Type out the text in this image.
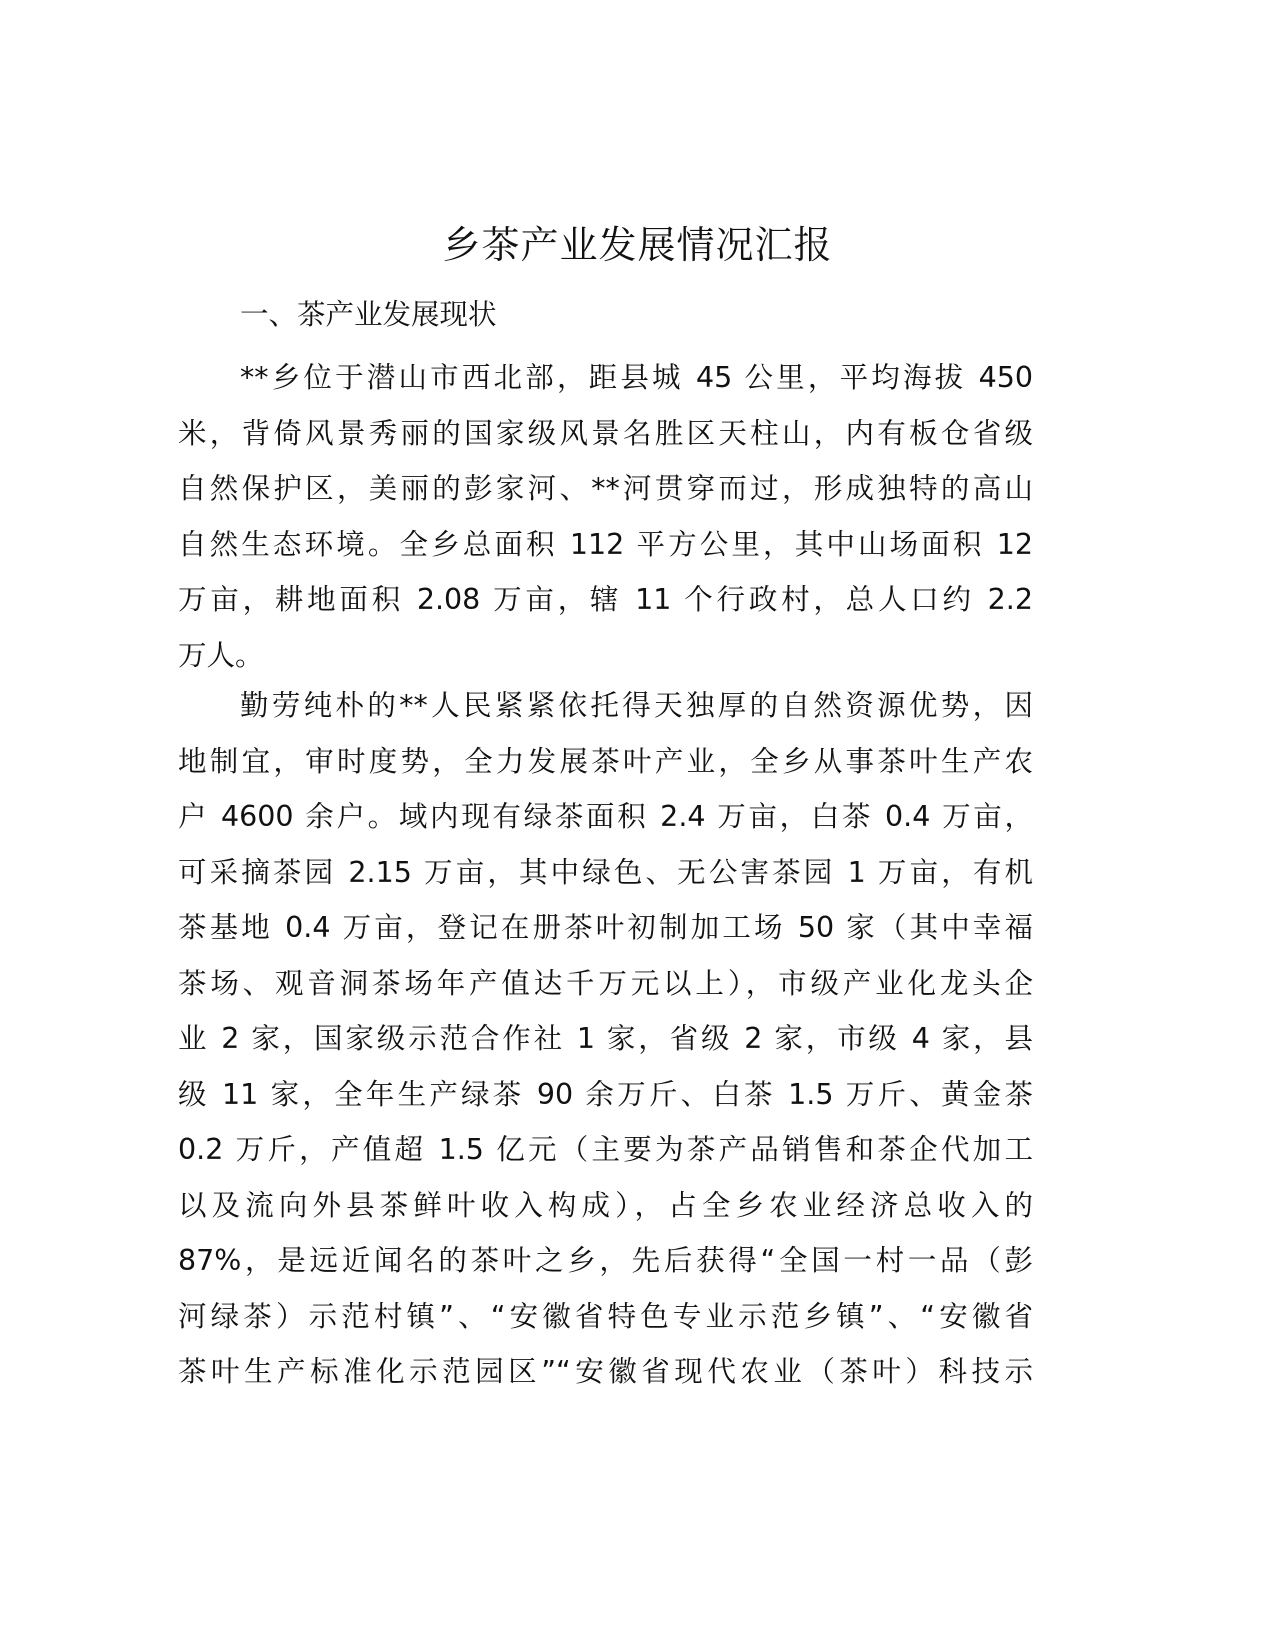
乡茶产业发展情况汇报
一、茶产业发展现状
**乡位于潜山市西北部，距县城 45 公里，平均海拔 450
米，背倚风景秀丽的国家级风景名胜区天柱山，内有板仓省级
自然保护区，美丽的彭家河、**河贯穿而过，形成独特的高山
自然生态环境。全乡总面积 112 平方公里，其中山场面积 12
万亩，耕地面积 2.08 万亩，辖 11 个行政村，总人口约 2.2
万人。
勤劳纯朴的**人民紧紧依托得天独厚的自然资源优势，因
地制宜，审时度势，全力发展茶叶产业，全乡从事茶叶生产农
户 4600 余户。域内现有绿茶面积 2.4 万亩，白茶 0.4 万亩，
可采摘茶园 2.15 万亩，其中绿色、无公害茶园 1 万亩，有机
茶基地 0.4 万亩，登记在册茶叶初制加工场 50 家（其中幸福
茶场、观音洞茶场年产值达千万元以上），市级产业化龙头企
业 2 家，国家级示范合作社 1 家，省级 2 家，市级 4 家，县
级 11 家，全年生产绿茶 90 余万斤、白茶 1.5 万斤、黄金茶
0.2 万斤，产值超 1.5 亿元（主要为茶产品销售和茶企代加工
以及流向外县茶鲜叶收入构成），占全乡农业经济总收入的
87%，是远近闻名的茶叶之乡，先后获得“全国一村一品（彭
河绿茶）示范村镇”、“安徽省特色专业示范乡镇”、“安徽省
茶叶生产标准化示范园区”“安徽省现代农业（茶叶）科技示
